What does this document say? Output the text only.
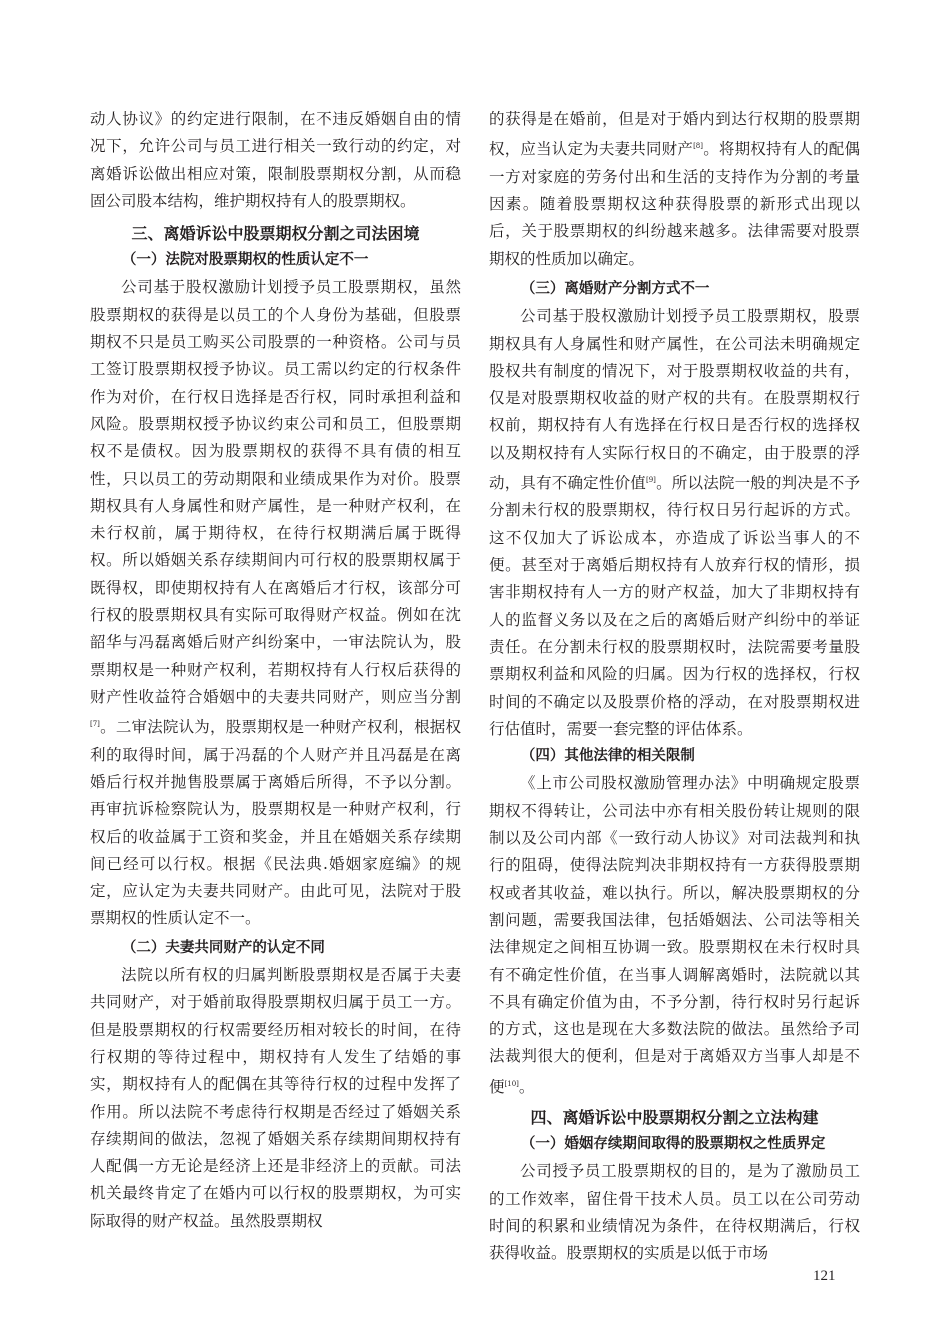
动人协议》的约定进行限制，在不违反婚姻自由的情况下，允许公司与员工进行相关一致行动的约定，对离婚诉讼做出相应对策，限制股票期权分割，从而稳固公司股本结构，维护期权持有人的股票期权。

三、离婚诉讼中股票期权分割之司法困境
（一）法院对股票期权的性质认定不一

公司基于股权激励计划授予员工股票期权，虽然股票期权的获得是以员工的个人身份为基础，但股票期权不只是员工购买公司股票的一种资格。公司与员工签订股票期权授予协议。员工需以约定的行权条件作为对价，在行权日选择是否行权，同时承担利益和风险。股票期权授予协议约束公司和员工，但股票期权不是债权。因为股票期权的获得不具有债的相互性，只以员工的劳动期限和业绩成果作为对价。股票期权具有人身属性和财产属性，是一种财产权利，在未行权前，属于期待权，在待行权期满后属于既得权。所以婚姻关系存续期间内可行权的股票期权属于既得权，即使期权持有人在离婚后才行权，该部分可行权的股票期权具有实际可取得财产权益。例如在沈韶华与冯磊离婚后财产纠纷案中，一审法院认为，股票期权是一种财产权利，若期权持有人行权后获得的财产性收益符合婚姻中的夫妻共同财产，则应当分割[7]。二审法院认为，股票期权是一种财产权利，根据权利的取得时间，属于冯磊的个人财产并且冯磊是在离婚后行权并抛售股票属于离婚后所得，不予以分割。再审抗诉检察院认为，股票期权是一种财产权利，行权后的收益属于工资和奖金，并且在婚姻关系存续期间已经可以行权。根据《民法典.婚姻家庭编》的规定，应认定为夫妻共同财产。由此可见，法院对于股票期权的性质认定不一。

（二）夫妻共同财产的认定不同

法院以所有权的归属判断股票期权是否属于夫妻共同财产，对于婚前取得股票期权归属于员工一方。但是股票期权的行权需要经历相对较长的时间，在待行权期的等待过程中，期权持有人发生了结婚的事实，期权持有人的配偶在其等待行权的过程中发挥了作用。所以法院不考虑待行权期是否经过了婚姻关系存续期间的做法，忽视了婚姻关系存续期间期权持有人配偶一方无论是经济上还是非经济上的贡献。司法机关最终肯定了在婚内可以行权的股票期权，为可实际取得的财产权益。虽然股票期权

的获得是在婚前，但是对于婚内到达行权期的股票期权，应当认定为夫妻共同财产[8]。将期权持有人的配偶一方对家庭的劳务付出和生活的支持作为分割的考量因素。随着股票期权这种获得股票的新形式出现以后，关于股票期权的纠纷越来越多。法律需要对股票期权的性质加以确定。

（三）离婚财产分割方式不一

公司基于股权激励计划授予员工股票期权，股票期权具有人身属性和财产属性，在公司法未明确规定股权共有制度的情况下，对于股票期权收益的共有，仅是对股票期权收益的财产权的共有。在股票期权行权前，期权持有人有选择在行权日是否行权的选择权以及期权持有人实际行权日的不确定，由于股票的浮动，具有不确定性价值[9]。所以法院一般的判决是不予分割未行权的股票期权，待行权日另行起诉的方式。这不仅加大了诉讼成本，亦造成了诉讼当事人的不便。甚至对于离婚后期权持有人放弃行权的情形，损害非期权持有人一方的财产权益，加大了非期权持有人的监督义务以及在之后的离婚后财产纠纷中的举证责任。在分割未行权的股票期权时，法院需要考量股票期权利益和风险的归属。因为行权的选择权，行权时间的不确定以及股票价格的浮动，在对股票期权进行估值时，需要一套完整的评估体系。

（四）其他法律的相关限制

《上市公司股权激励管理办法》中明确规定股票期权不得转让，公司法中亦有相关股份转让规则的限制以及公司内部《一致行动人协议》对司法裁判和执行的阻碍，使得法院判决非期权持有一方获得股票期权或者其收益，难以执行。所以，解决股票期权的分割问题，需要我国法律，包括婚姻法、公司法等相关法律规定之间相互协调一致。股票期权在未行权时具有不确定性价值，在当事人调解离婚时，法院就以其不具有确定价值为由，不予分割，待行权时另行起诉的方式，这也是现在大多数法院的做法。虽然给予司法裁判很大的便利，但是对于离婚双方当事人却是不便[10]。

四、离婚诉讼中股票期权分割之立法构建
（一）婚姻存续期间取得的股票期权之性质界定

公司授予员工股票期权的目的，是为了激励员工的工作效率，留住骨干技术人员。员工以在公司劳动时间的积累和业绩情况为条件，在待权期满后，行权获得收益。股票期权的实质是以低于市场

121
